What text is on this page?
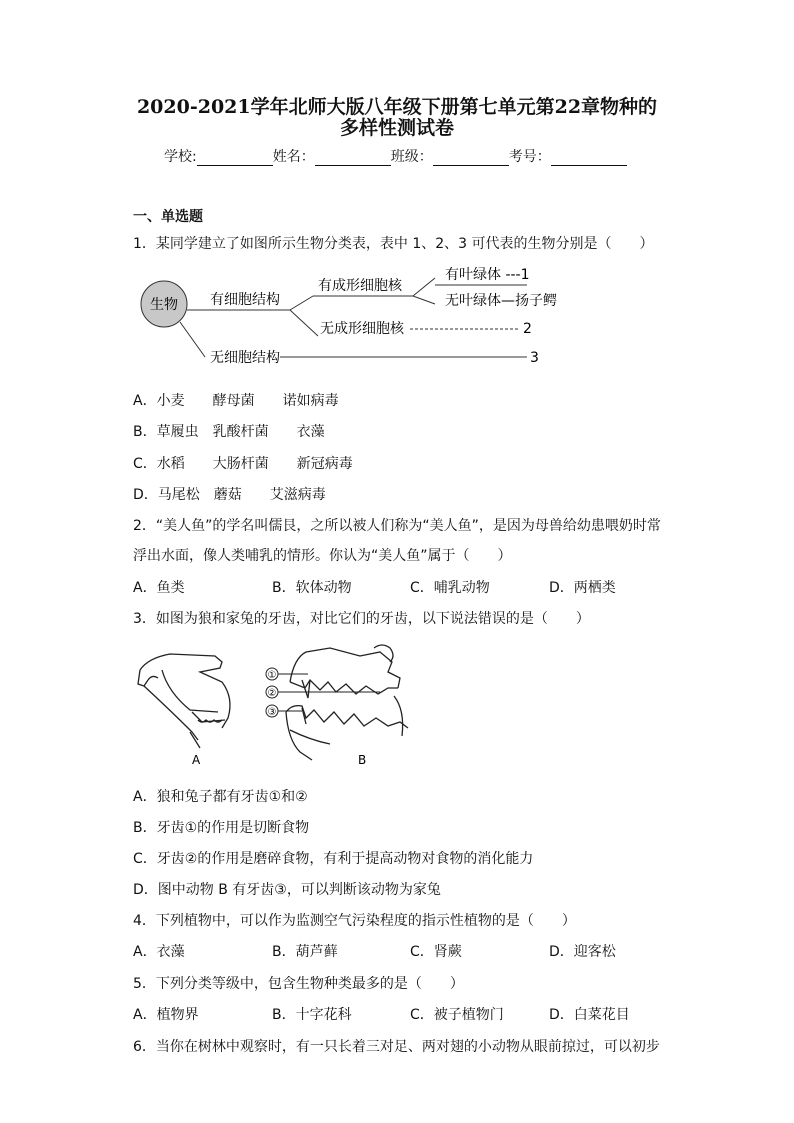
2020-2021学年北师大版八年级下册第七单元第22章物种的
多样性测试卷
学校:	姓名：	班级：	考号：
一、单选题
1．某同学建立了如图所示生物分类表，表中 1、2、3 可代表的生物分别是（　　）
生物 有细胞结构
无细胞结构	3
有成形细胞核
无成形细胞核	2
有叶绿体 ---1
无叶绿体—扬子鳄
A．小麦　　酵母菌　　诺如病毒
B．草履虫　乳酸杆菌　　衣藻
C．水稻　　大肠杆菌　　新冠病毒
D．马尾松　蘑菇　　艾滋病毒
2．“美人鱼”的学名叫儒艮，之所以被人们称为“美人鱼”，是因为母兽给幼患喂奶时常
浮出水面，像人类哺乳的情形。你认为“美人鱼”属于（　　）
A．鱼类	B．软体动物	C．哺乳动物	D．两栖类
3．如图为狼和家兔的牙齿，对比它们的牙齿，以下说法错误的是（　　）
A
①
②
③
B
A．狼和兔子都有牙齿①和②
B．牙齿①的作用是切断食物
C．牙齿②的作用是磨碎食物，有利于提高动物对食物的消化能力
D．图中动物 B 有牙齿③，可以判断该动物为家兔
4．下列植物中，可以作为监测空气污染程度的指示性植物的是（　　）
A．衣藻	B．葫芦藓	C．肾蕨	D．迎客松
5．下列分类等级中，包含生物种类最多的是（　　）
A．植物界	B．十字花科	C．被子植物门	D．白菜花目
6．当你在树林中观察时，有一只长着三对足、两对翅的小动物从眼前掠过，可以初步
